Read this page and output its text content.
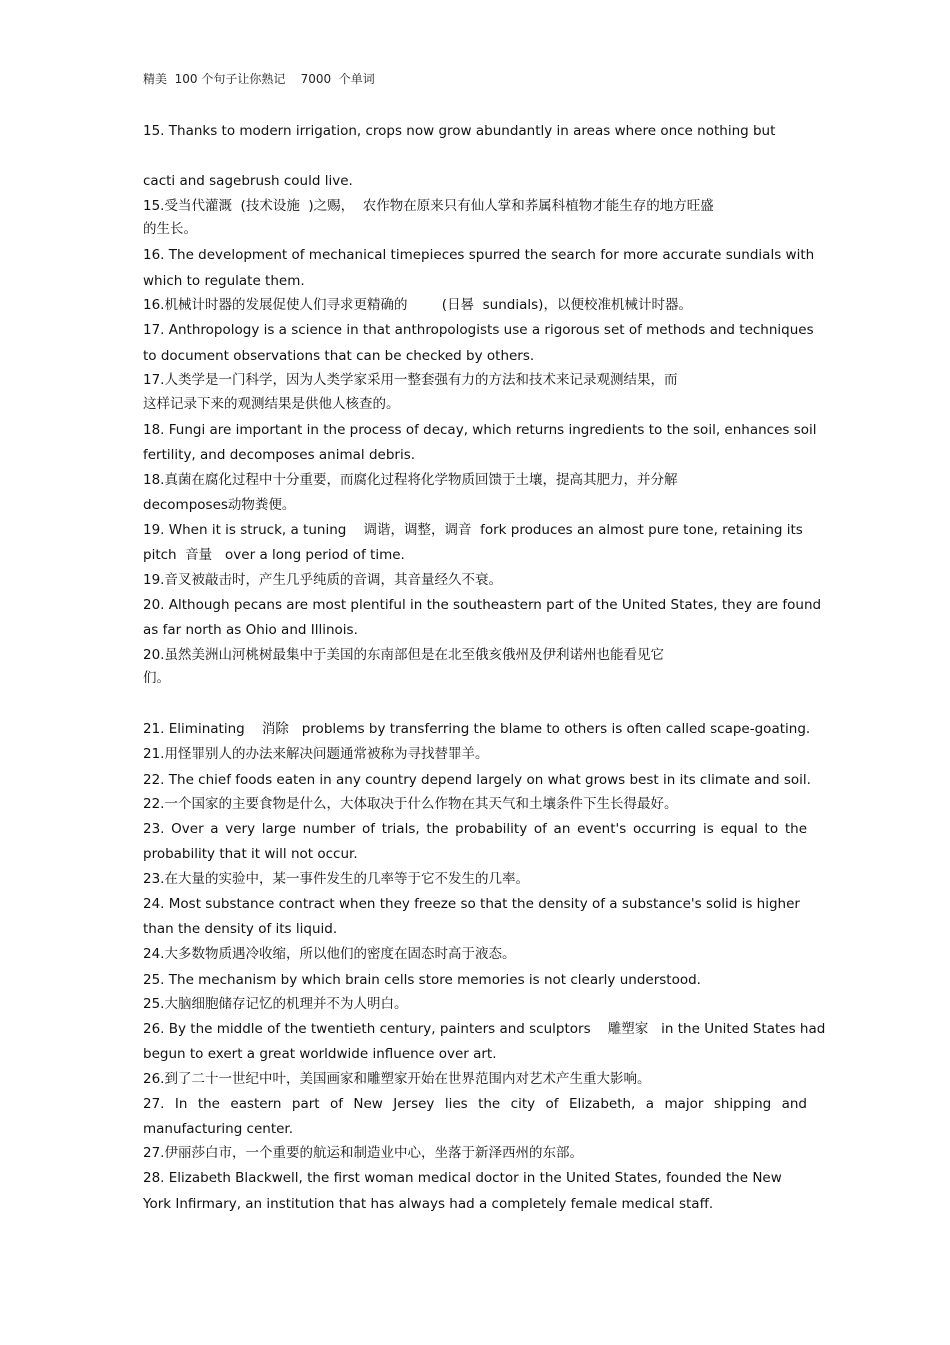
精美  100 个句子让你熟记    7000  个单词
15. Thanks to modern irrigation, crops now grow abundantly in areas where once nothing but
cacti and sagebrush could live.
15.受当代灌溉  (技术设施  )之赐，  农作物在原来只有仙人掌和荞属科植物才能生存的地方旺盛
的生长。
16. The development of mechanical timepieces spurred the search for more accurate sundials with
which to regulate them.
16.机械计时器的发展促使人们寻求更精确的        (日晷  sundials)，以便校准机械计时器。
17. Anthropology is a science in that anthropologists use a rigorous set of methods and techniques
to document observations that can be checked by others.
17.人类学是一门科学，因为人类学家采用一整套强有力的方法和技术来记录观测结果，而
这样记录下来的观测结果是供他人核查的。
18. Fungi are important in the process of decay, which returns ingredients to the soil, enhances soil
fertility, and decomposes animal debris.
18.真菌在腐化过程中十分重要，而腐化过程将化学物质回馈于土壤，提高其肥力，并分解
decomposes动物粪便。
19. When it is struck, a tuning    调谐，调整，调音  fork produces an almost pure tone, retaining its
pitch  音量   over a long period of time.
19.音叉被敲击时，产生几乎纯质的音调，其音量经久不衰。
20. Although pecans are most plentiful in the southeastern part of the United States, they are found
as far north as Ohio and Illinois.
20.虽然美洲山河桃树最集中于美国的东南部但是在北至俄亥俄州及伊利诺州也能看见它
们。
21. Eliminating    消除   problems by transferring the blame to others is often called scape-goating.
21.用怪罪别人的办法来解决问题通常被称为寻找替罪羊。
22. The chief foods eaten in any country depend largely on what grows best in its climate and soil.
22.一个国家的主要食物是什么，大体取决于什么作物在其天气和土壤条件下生长得最好。
23. Over a very large number of trials, the probability of an event's occurring is equal to the
probability that it will not occur.
23.在大量的实验中，某一事件发生的几率等于它不发生的几率。
24. Most substance contract when they freeze so that the density of a substance's solid is higher
than the density of its liquid.
24.大多数物质遇冷收缩，所以他们的密度在固态时高于液态。
25. The mechanism by which brain cells store memories is not clearly understood.
25.大脑细胞储存记忆的机理并不为人明白。
26. By the middle of the twentieth century, painters and sculptors    雕塑家   in the United States had
begun to exert a great worldwide influence over art.
26.到了二十一世纪中叶，美国画家和雕塑家开始在世界范围内对艺术产生重大影响。
27. In the eastern part of New Jersey lies the city of Elizabeth, a major shipping and
manufacturing center.
27.伊丽莎白市，一个重要的航运和制造业中心，坐落于新泽西州的东部。
28. Elizabeth Blackwell, the first woman medical doctor in the United States, founded the New
York Infirmary, an institution that has always had a completely female medical staff.
